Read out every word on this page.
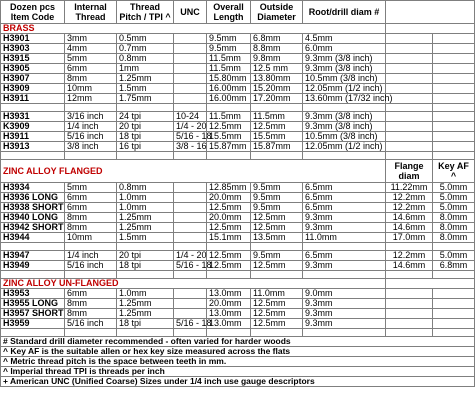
Dozen pcs Item Code	Internal Thread	Thread Pitch / TPI ^	UNC	Overall Length	Outside Diameter	Root/drill diam #		
BRASS								
H3901	3mm	0.5mm		9.5mm	6.8mm	4.5mm		
H3903	4mm	0.7mm		9.5mm	8.8mm	6.0mm		
H3915	5mm	0.8mm		11.5mm	9.8mm	9.3mm (3/8 inch)		
H3905	6mm	1mm		11.5mm	12.5 mm	9.3mm (3/8 inch)		
H3907	8mm	1.25mm		15.80mm	13.80mm	10.5mm (3/8 inch)		
H3909	10mm	1.5mm		16.00mm	15.20mm	12.05mm (1/2 inch)		
H3911	12mm	1.75mm		16.00mm	17.20mm	13.60mm (17/32 inch)		

H3931	3/16 inch	24 tpi	10-24	11.5mm	11.5mm	9.3mm (3/8 inch)		
K3909	1/4 inch	20 tpi	1/4 - 20	12.5mm	12.5mm	9.3mm (3/8 inch)		
H3911	5/16 inch	18 tpi	5/16 - 18	15.5mm	15.5mm	10.5mm (3/8 inch)		
H3913	3/8 inch	16 tpi	3/8 - 16	15.87mm	15.87mm	12.05mm (1/2 inch)		

ZINC ALLOY FLANGED							Flange diam	Key AF ^
H3934	5mm	0.8mm		12.85mm	9.5mm	6.5mm	11.22mm	5.0mm
H3936 LONG	6mm	1.0mm		20.0mm	9.5mm	6.5mm	12.2mm	5.0mm
H3938 SHORT	6mm	1.0mm		12.5mm	9.5mm	6.5mm	12.2mm	5.0mm
H3940 LONG	8mm	1.25mm		20.0mm	12.5mm	9.3mm	14.6mm	8.0mm
H3942 SHORT	8mm	1.25mm		12.5mm	12.5mm	9.3mm	14.6mm	8.0mm
H3944	10mm	1.5mm		15.1mm	13.5mm	11.0mm	17.0mm	8.0mm

H3947	1/4 inch	20 tpi	1/4 - 20	12.5mm	9.5mm	6.5mm	12.2mm	5.0mm
H3949	5/16 inch	18 tpi	5/16 - 18	12.5mm	12.5mm	9.3mm	14.6mm	6.8mm

ZINC ALLOY UN-FLANGED								
H3953	6mm	1.0mm		13.0mm	11.0mm	9.0mm		
H3955 LONG	8mm	1.25mm		20.0mm	12.5mm	9.3mm		
H3957 SHORT	8mm	1.25mm		13.0mm	12.5mm	9.3mm		
H3959	5/16 inch	18 tpi	5/16 - 18	13.0mm	12.5mm	9.3mm		

# Standard drill diameter recommended - often varied for harder woods								
^ Key AF is the suitable allen or hex key size measured across the flats								
^ Metric thread pitch is the space between teeth in mm.								
^ Imperial thread TPI is threads per inch								
+ American UNC (Unified Coarse) Sizes under 1/4 inch use gauge descriptors								
